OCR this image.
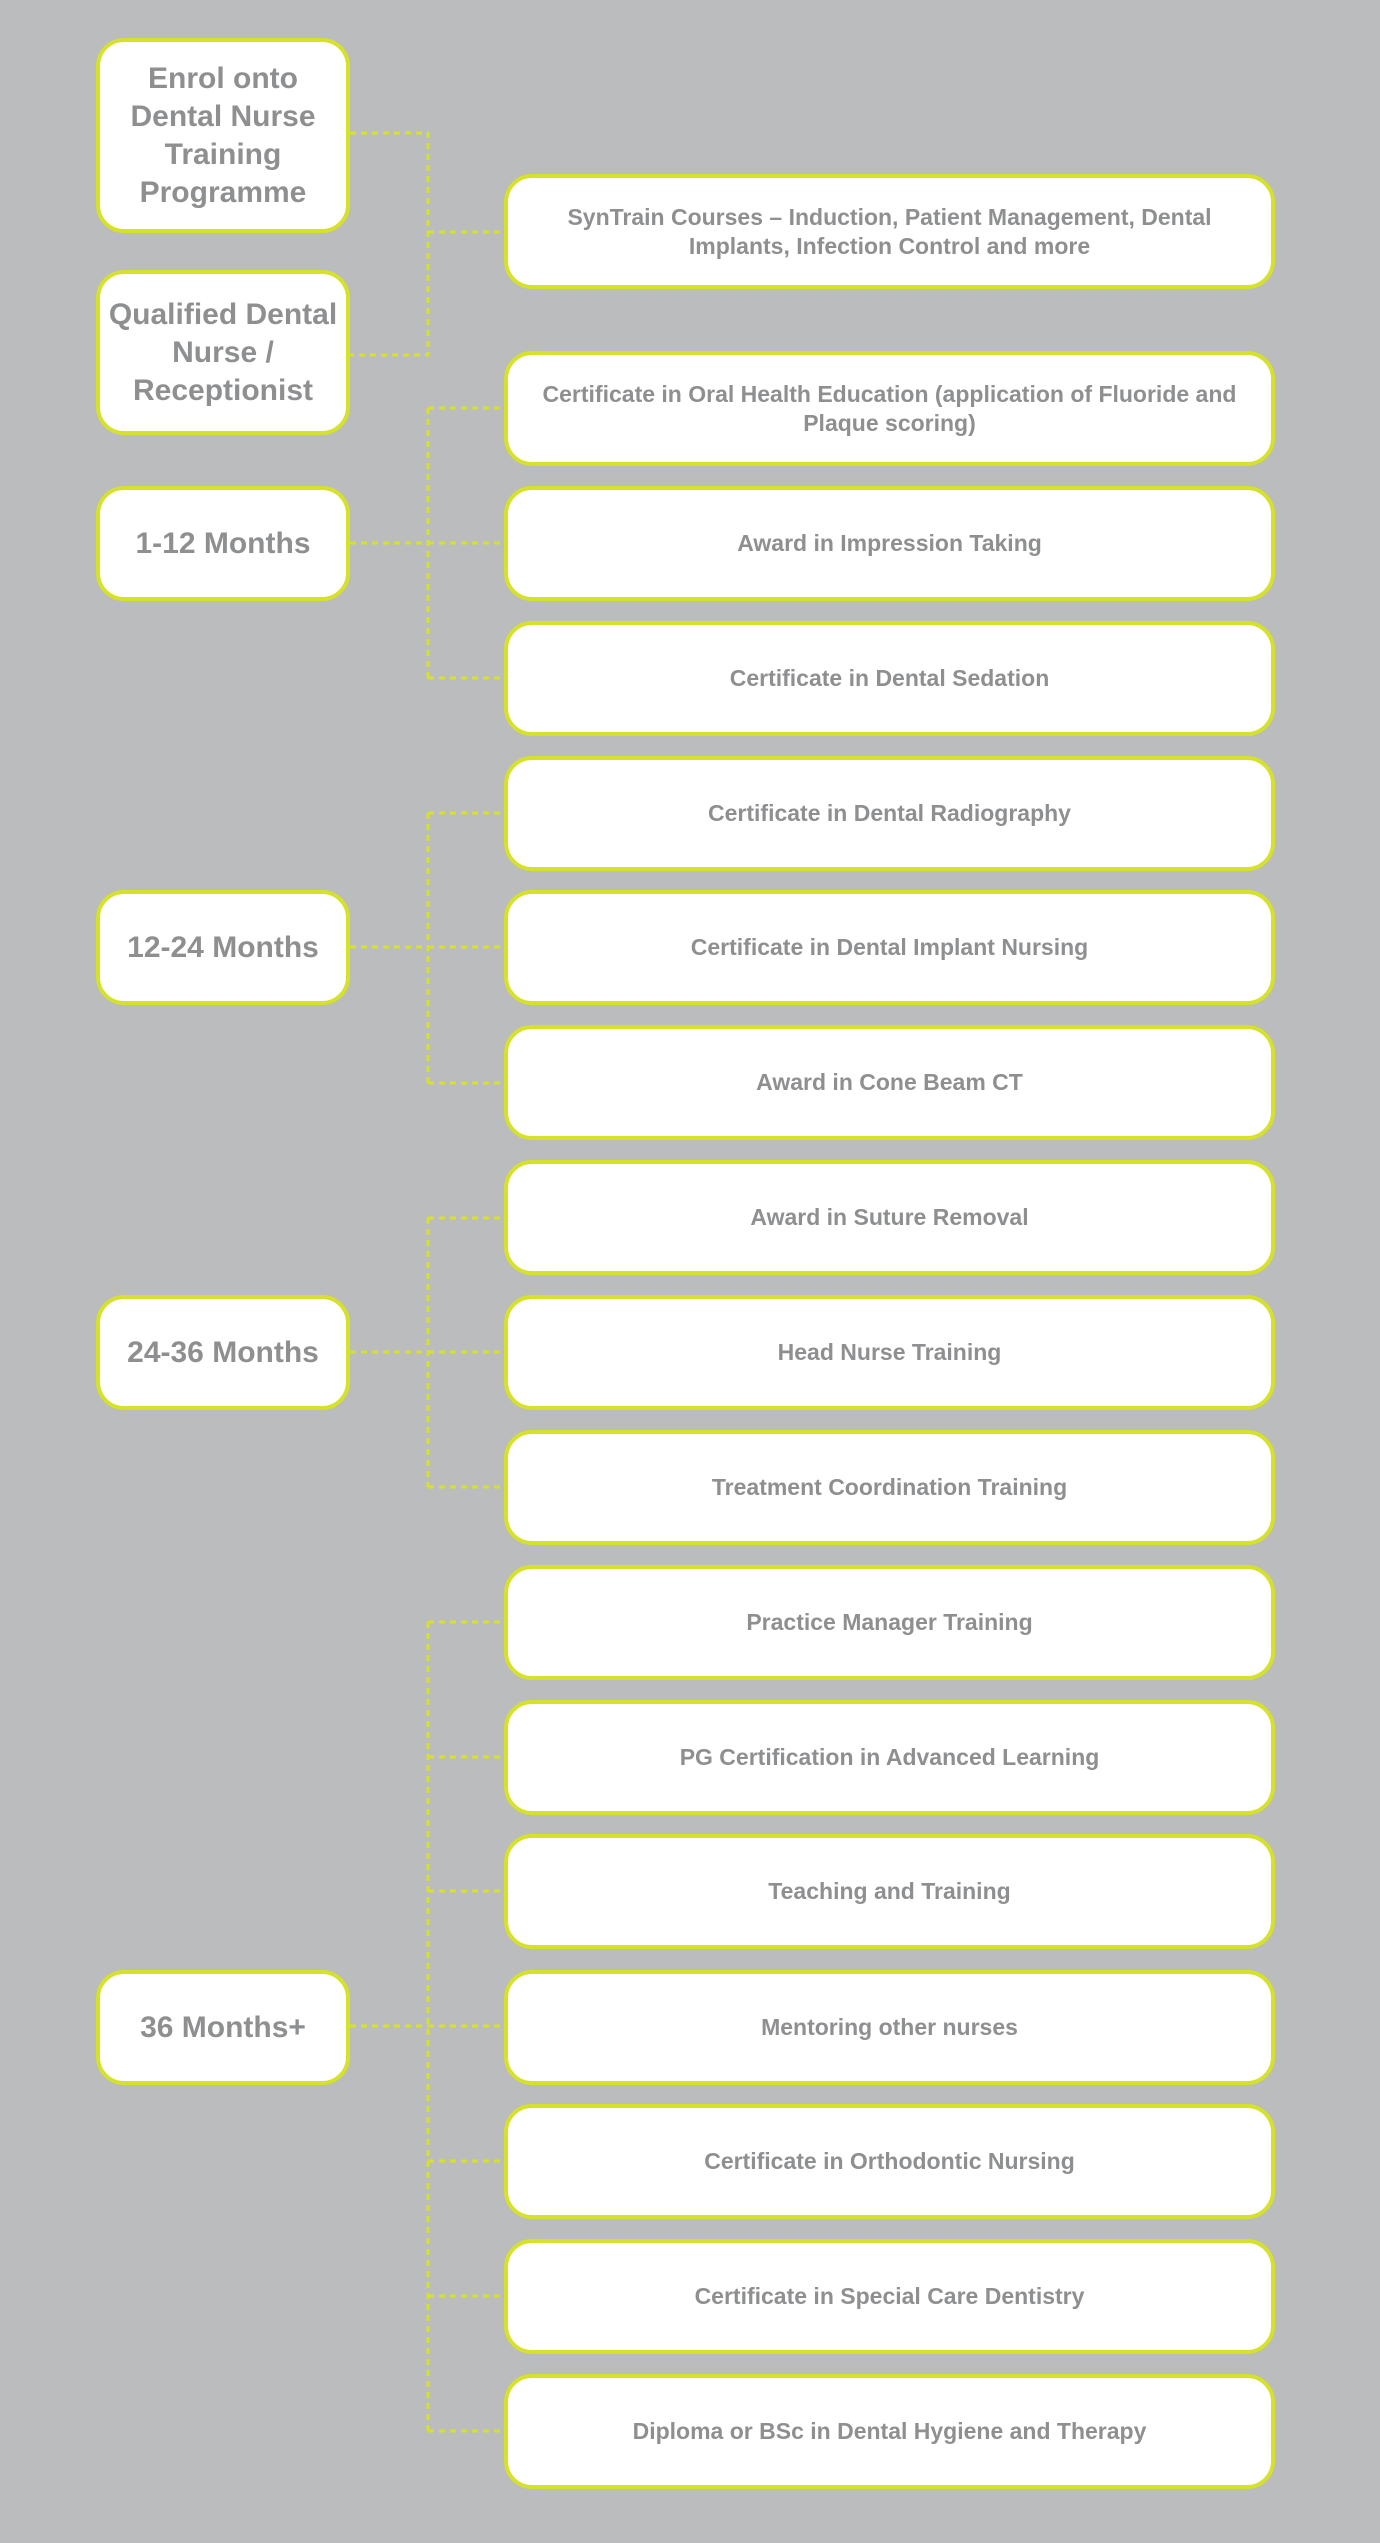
Enrol onto Dental Nurse Training Programme
Qualified Dental Nurse / Receptionist
1-12 Months
12-24 Months
24-36 Months
36 Months+
SynTrain Courses – Induction, Patient Management, Dental Implants, Infection Control and more
Certificate in Oral Health Education (application of Fluoride and Plaque scoring)
Award in Impression Taking
Certificate in Dental Sedation
Certificate in Dental Radiography
Certificate in Dental Implant Nursing
Award in Cone Beam CT
Award in Suture Removal
Head Nurse Training
Treatment Coordination Training
Practice Manager Training
PG Certification in Advanced Learning
Teaching and Training
Mentoring other nurses
Certificate in Orthodontic Nursing
Certificate in Special Care Dentistry
Diploma or BSc in Dental Hygiene and Therapy
